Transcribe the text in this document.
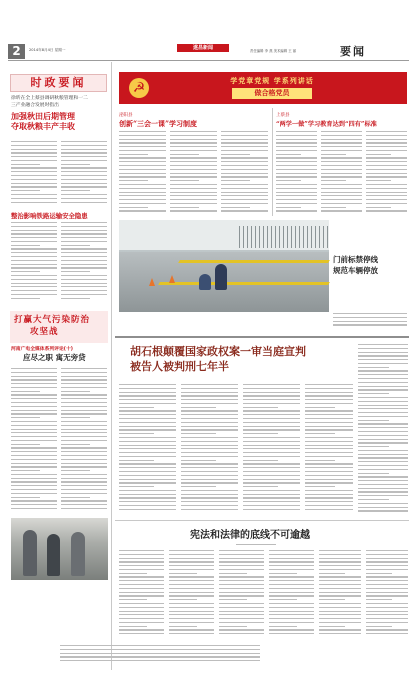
2	2014年8月4日 星期一	遂昌新闻	责任编辑 李 燕 美术编辑 王 丽	要闻
时政要闻
徐昕在全上蔡县调研秋粮管理和一二
三产业融合发展时指出
加强秋田后期管理
夺取秋粮丰产丰收
整治影响铁路运输安全隐患
打赢大气污染防治
攻坚战
河南广电全媒体系列评论(十)
应尽之职 寓无旁贷
☭	学党章党规 学系列讲话
做合格党员
泌阳县
创新“三会一课”学习制度
上蔡县
“两学一做”学习教育达到“四有”标准
门前标禁停线
规范车辆停放
胡石根颠覆国家政权案一审当庭宣判
被告人被判刑七年半
宪法和法律的底线不可逾越
